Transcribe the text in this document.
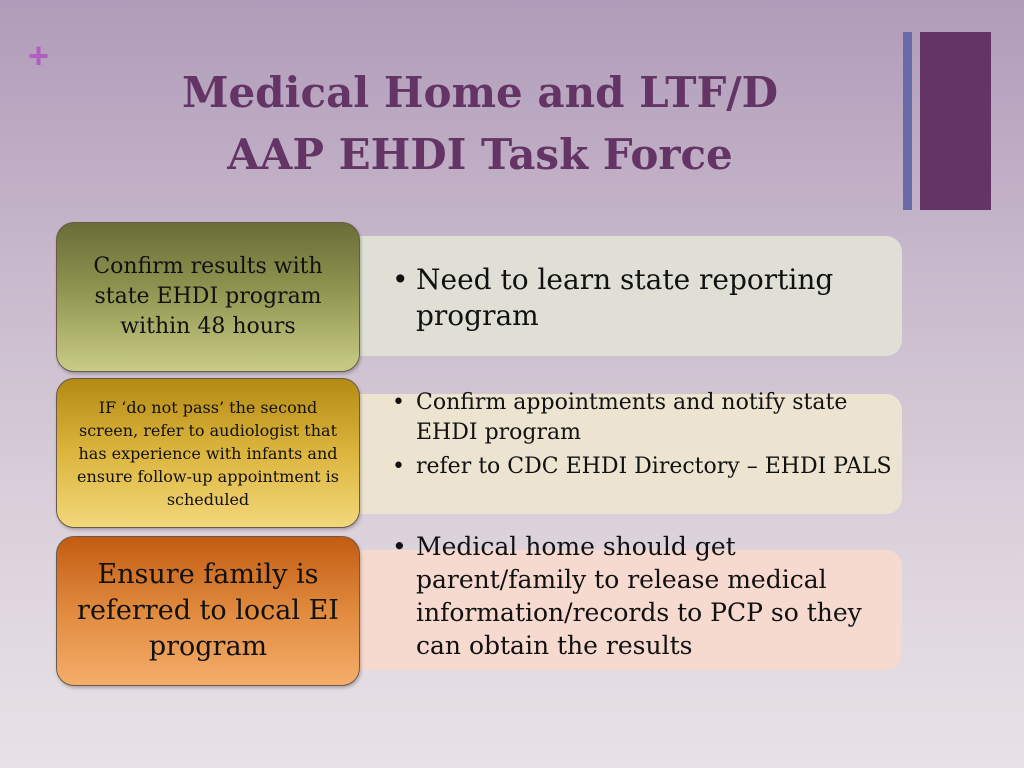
+
Medical Home and LTF/D
AAP EHDI Task Force
• Need to learn state reporting program
Confirm results with state EHDI program within 48 hours
• Confirm appointments and notify state EHDI program
• refer to CDC EHDI Directory – EHDI PALS
IF ‘do not pass’ the second screen, refer to audiologist that has experience with infants and ensure follow-up appointment is scheduled
• Medical home should get parent/family to release medical information/records to PCP so they can obtain the results
Ensure family is referred to local EI program
